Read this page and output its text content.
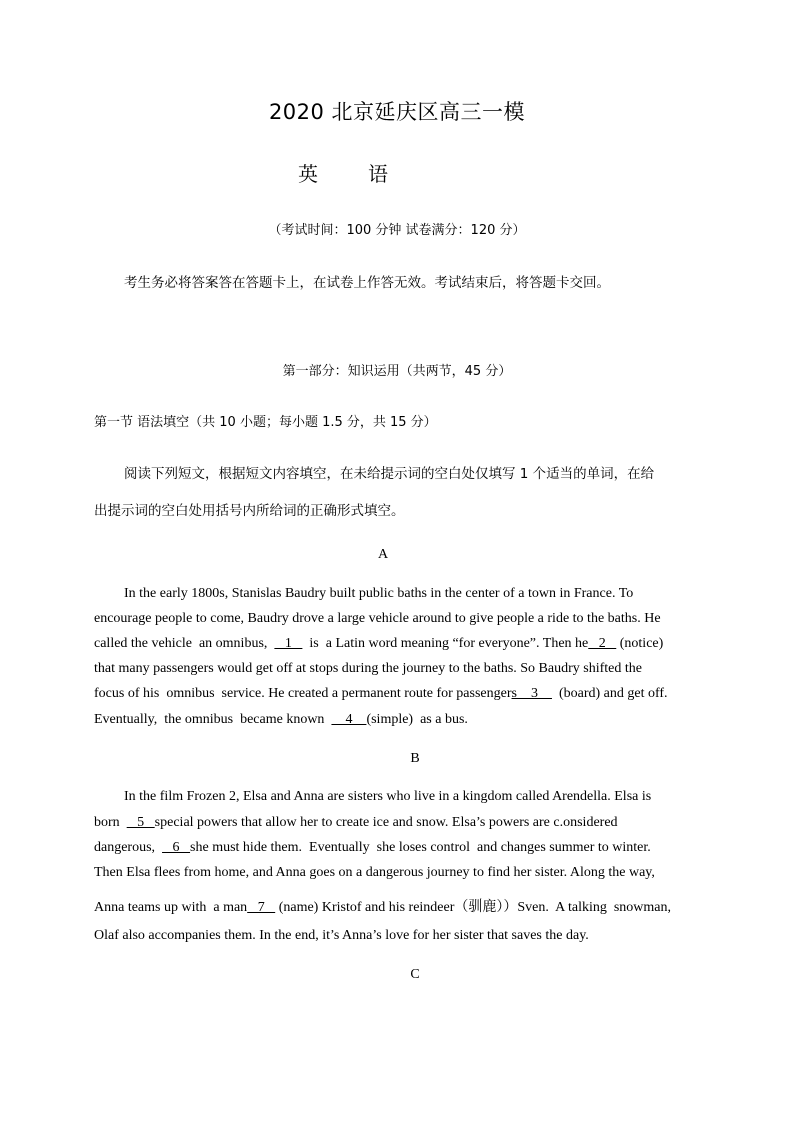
2020 北京延庆区高三一模
英	语
（考试时间：100 分钟 试卷满分：120 分）
考生务必将答案答在答题卡上，在试卷上作答无效。考试结束后，将答题卡交回。
第一部分：知识运用（共两节，45 分）
第一节 语法填空（共 10 小题；每小题 1.5 分，共 15 分）
阅读下列短文，根据短文内容填空，在未给提示词的空白处仅填写 1 个适当的单词，在给
出提示词的空白处用括号内所给词的正确形式填空。
A
In the early 1800s, Stanislas Baudry built public baths in the center of a town in France. To
encourage people to come, Baudry drove a large vehicle around to give people a ride to the baths. He
called the vehicle  an omnibus,     1     is  a Latin word meaning “for everyone”. Then he   2    (notice)
that many passengers would get off at stops during the journey to the baths. So Baudry shifted the
focus of his  omnibus  service. He created a permanent route for passengers    3      (board) and get off.
Eventually,  the omnibus  became known      4    (simple)  as a bus.
B
In the film Frozen 2, Elsa and Anna are sisters who live in a kingdom called Arendella. Elsa is
born     5   special powers that allow her to create ice and snow. Elsa’s powers are c.onsidered
dangerous,     6   she must hide them.  Eventually  she loses control  and changes summer to winter.
Then Elsa flees from home, and Anna goes on a dangerous journey to find her sister. Along the way,
Anna teams up with  a man   7    (name) Kristof and his reindeer（驯鹿））Sven.  A talking  snowman,
Olaf also accompanies them. In the end, it’s Anna’s love for her sister that saves the day.
C
